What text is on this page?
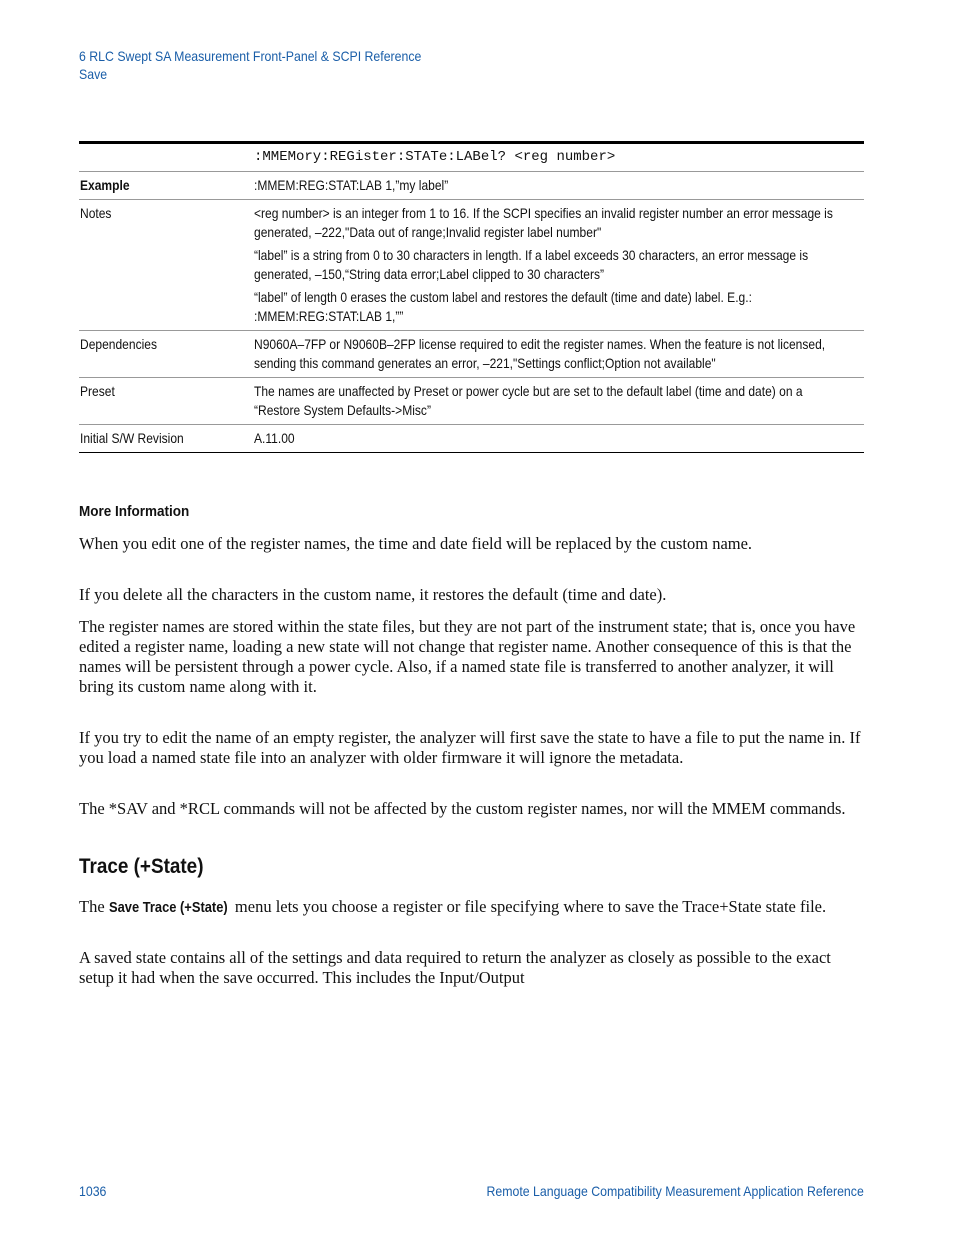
6 RLC Swept SA Measurement Front-Panel & SCPI Reference
Save
	:MMEMory:REGister:STATe:LABel? <reg number>
Example	:MMEM:REG:STAT:LAB 1,”my label”
Notes	<reg number> is an integer from 1 to 16. If the SCPI specifies an invalid register number an error message is generated, –222,"Data out of range;Invalid register label number"

“label” is a string from 0 to 30 characters in length. If a label exceeds 30 characters, an error message is generated, –150,“String data error;Label clipped to 30 characters”

“label” of length 0 erases the custom label and restores the default (time and date) label. E.g.: :MMEM:REG:STAT:LAB 1,””

Dependencies	N9060A–7FP or N9060B–2FP license required to edit the register names. When the feature is not licensed, sending this command generates an error, –221,"Settings conflict;Option not available"
Preset	The names are unaffected by Preset or power cycle but are set to the default label (time and date) on a “Restore System Defaults->Misc”
Initial S/W Revision	A.11.00
More Information

When you edit one of the register names, the time and date field will be replaced by the custom name.

If you delete all the characters in the custom name, it restores the default (time and date).

The register names are stored within the state files, but they are not part of the instrument state; that is, once you have edited a register name, loading a new state will not change that register name. Another consequence of this is that the names will be persistent through a power cycle. Also, if a named state file is transferred to another analyzer, it will bring its custom name along with it.

If you try to edit the name of an empty register, the analyzer will first save the state to have a file to put the name in. If you load a named state file into an analyzer with older firmware it will ignore the metadata.

The *SAV and *RCL commands will not be affected by the custom register names, nor will the MMEM commands.

Trace (+State)

The Save Trace (+State) menu lets you choose a register or file specifying where to save the Trace+State state file.

A saved state contains all of the settings and data required to return the analyzer as closely as possible to the exact setup it had when the save occurred. This includes the Input/Output

1036	Remote Language Compatibility Measurement Application Reference
